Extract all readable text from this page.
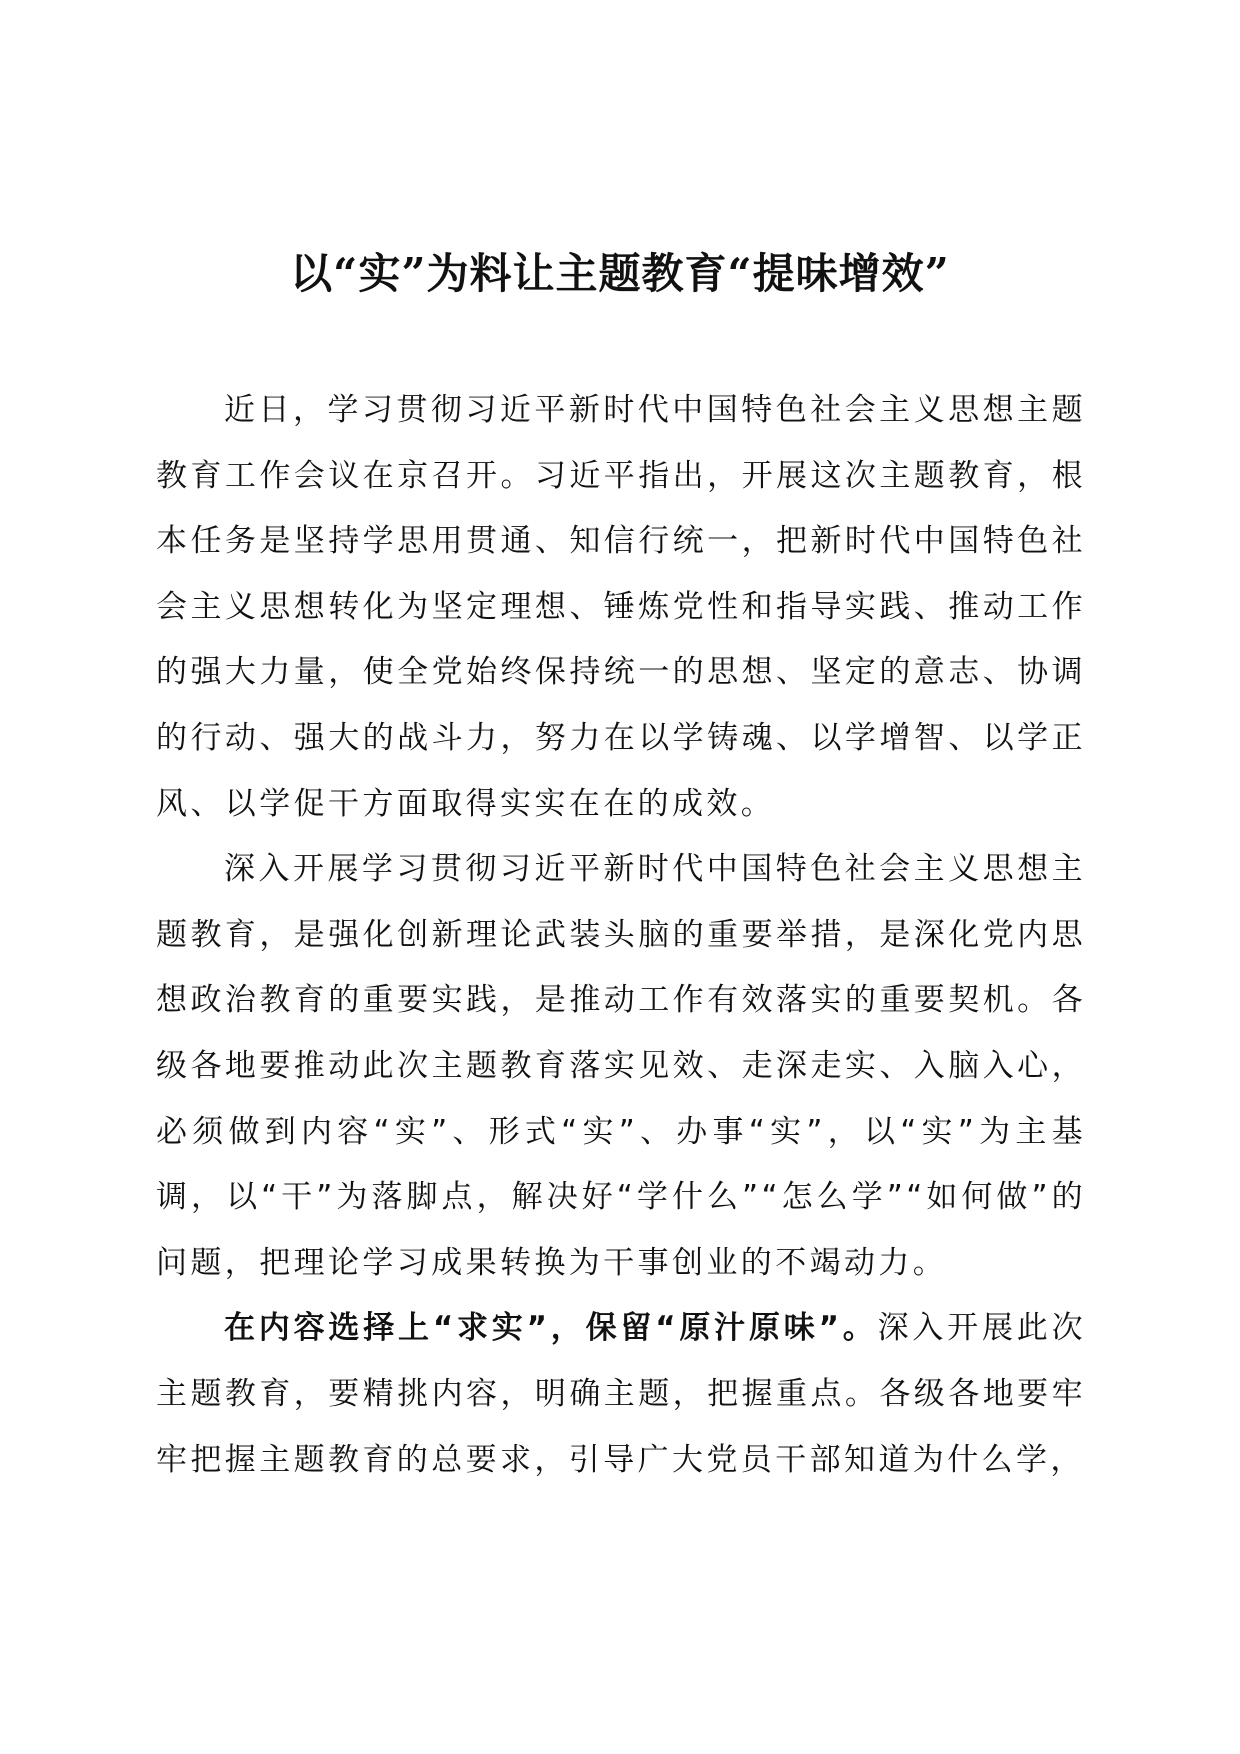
以“实”为料让主题教育“提味增效”

近日，学习贯彻习近平新时代中国特色社会主义思想主题教育工作会议在京召开。习近平指出，开展这次主题教育，根本任务是坚持学思用贯通、知信行统一，把新时代中国特色社会主义思想转化为坚定理想、锤炼党性和指导实践、推动工作的强大力量，使全党始终保持统一的思想、坚定的意志、协调的行动、强大的战斗力，努力在以学铸魂、以学增智、以学正风、以学促干方面取得实实在在的成效。

深入开展学习贯彻习近平新时代中国特色社会主义思想主题教育，是强化创新理论武装头脑的重要举措，是深化党内思想政治教育的重要实践，是推动工作有效落实的重要契机。各级各地要推动此次主题教育落实见效、走深走实、入脑入心，必须做到内容“实”、形式“实”、办事“实”，以“实”为主基调，以“干”为落脚点，解决好“学什么”“怎么学”“如何做”的问题，把理论学习成果转换为干事创业的不竭动力。

在内容选择上“求实”，保留“原汁原味”。深入开展此次主题教育，要精挑内容，明确主题，把握重点。各级各地要牢牢把握主题教育的总要求，引导广大党员干部知道为什么学，
